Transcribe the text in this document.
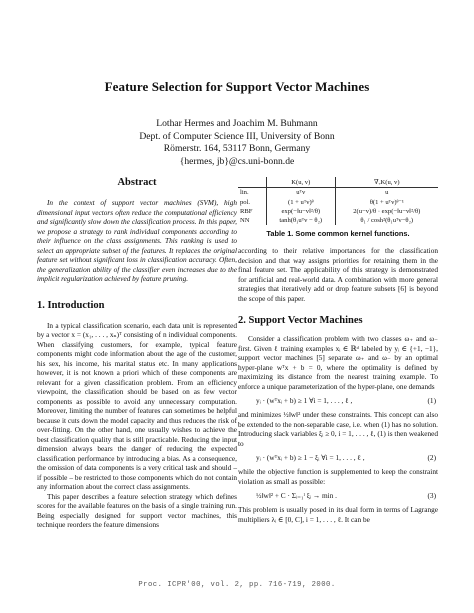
Feature Selection for Support Vector Machines
Lothar Hermes and Joachim M. Buhmann
Dept. of Computer Science III, University of Bonn
Römerstr. 164, 53117 Bonn, Germany
{hermes, jb}@cs.uni-bonn.de

Abstract

In the context of support vector machines (SVM), high dimensional input vectors often reduce the computational efficiency and significantly slow down the classification process. In this paper, we propose a strategy to rank individual components according to their influence on the class assignments. This ranking is used to select an appropriate subset of the features. It replaces the original feature set without significant loss in classification accuracy. Often, the generalization ability of the classifier even increases due to the implicit regularization achieved by feature pruning.

1. Introduction

In a typical classification scenario, each data unit is represented by a vector x = (x₁, . . . , xₙ)ᵀ consisting of n individual components. When classifying customers, for example, typical feature components might code information about the age of the customer, his sex, his income, his marital status etc. In many applications however, it is not known a priori which of these components are relevant for a given classification problem. From an efficiency viewpoint, the classification should be based on as few vector components as possible to avoid any unnecessary computation. Moreover, limiting the number of features can sometimes be helpful because it cuts down the model capacity and thus reduces the risk of over-fitting. On the other hand, one usually wishes to achieve the best classification quality that is still practicable. Reducing the input dimension always bears the danger of reducing the expected classification performance by introducing a bias. As a consequence, the omission of data components is a very critical task and should – if possible – be restricted to those components which do not contain any information about the correct class assignments.

This paper describes a feature selection strategy which defines scores for the available features on the basis of a single training run. Being especially designed for support vector machines, this technique reorders the feature dimensions

	K(u, v)	∇ᵥK(u, v)
lin.	uᵀv	u
pol.	(1 + uᵀv)ᶿ	θ(1 + uᵀv)ᶿ⁻¹
RBF	exp(−‖u−v‖²/θ)	2(u−v)/θ · exp(−‖u−v‖²/θ)
NN	tanh(θ₁uᵀv − θ₂)	θ₁ / cosh²(θ₁uᵀv−θ₂)
Table 1. Some common kernel functions.

according to their relative importances for the classification decision and that way assigns priorities for retaining them in the final feature set. The applicability of this strategy is demonstrated for artificial and real-world data. A combination with more general strategies that iteratively add or drop feature subsets [6] is beyond the scope of this paper.

2. Support Vector Machines

Consider a classification problem with two classes ω₊ and ω₋ first. Given ℓ training examples xᵢ ∈ ℝᵈ labeled by yᵢ ∈ {+1, −1}, support vector machines [5] separate ω₊ and ω₋ by an optimal hyper-plane wᵀx + b = 0, where the optimality is defined by maximizing its distance from the nearest training example. To enforce a unique parameterization of the hyper-plane, one demands

yᵢ · (wᵀxᵢ + b) ≥ 1 ∀i = 1, . . . , ℓ ,	(1)

and minimizes ½‖w‖² under these constraints. This concept can also be extended to the non-separable case, i.e. when (1) has no solution. Introducing slack variables ξᵢ ≥ 0, i = 1, . . . , ℓ, (1) is then weakened to

yᵢ · (wᵀxᵢ + b) ≥ 1 − ξᵢ ∀i = 1, . . . , ℓ ,	(2)

while the objective function is supplemented to keep the constraint violation as small as possible:

½‖w‖² + C · Σᵢ₌₁ˡ ξᵢ → min .	(3)

This problem is usually posed in its dual form in terms of Lagrange multipliers λᵢ ∈ [0, C], i = 1, . . . , ℓ. It can be

Proc. ICPR'00, vol. 2, pp. 716-719, 2000.
